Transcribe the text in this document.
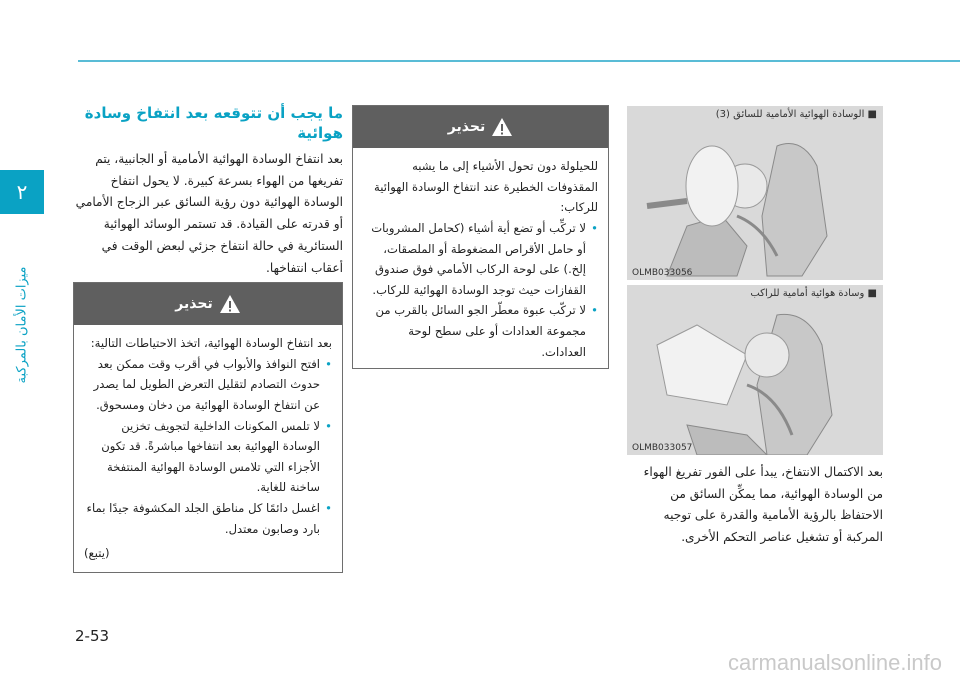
٢
ميزات الأمان بالمركبة
ما يجب أن تتوقعه بعد انتفاخ وسادة هوائية
بعد انتفاخ الوسادة الهوائية الأمامية أو الجانبية، يتم تفريغها من الهواء بسرعة كبيرة. لا يحول انتفاخ الوسادة الهوائية دون رؤية السائق عبر الزجاج الأمامي أو قدرته على القيادة. قد تستمر الوسائد الهوائية الستائرية في حالة انتفاخ جزئي لبعض الوقت في أعقاب انتفاخها.
تحذير
بعد انتفاخ الوسادة الهوائية، اتخذ الاحتياطات التالية:
• افتح النوافذ والأبواب في أقرب وقت ممكن بعد حدوث التصادم لتقليل التعرض الطويل لما يصدر عن انتفاخ الوسادة الهوائية من دخان ومسحوق.
• لا تلمس المكونات الداخلية لتجويف تخزين الوسادة الهوائية بعد انتفاخها مباشرةً. قد تكون الأجزاء التي تلامس الوسادة الهوائية المنتفخة ساخنة للغاية.
• اغسل دائمًا كل مناطق الجلد المكشوفة جيدًا بماء بارد وصابون معتدل.
(يتبع)
تحذير
للحيلولة دون تحول الأشياء إلى ما يشبه المقذوفات الخطيرة عند انتفاخ الوسادة الهوائية للركاب:
• لا تركِّب أو تضع أية أشياء (كحامل المشروبات أو حامل الأقراص المضغوطة أو الملصقات، إلخ.) على لوحة الركاب الأمامي فوق صندوق القفازات حيث توجد الوسادة الهوائية للركاب.
• لا تركّب عبوة معطّر الجو السائل بالقرب من مجموعة العدادات أو على سطح لوحة العدادات.
■ الوسادة الهوائية الأمامية للسائق (3)
OLMB033056
■ وسادة هوائية أمامية للراكب
OLMB033057
بعد الاكتمال الانتفاخ، يبدأ على الفور تفريغ الهواء من الوسادة الهوائية، مما يمكِّن السائق من الاحتفاظ بالرؤية الأمامية والقدرة على توجيه المركبة أو تشغيل عناصر التحكم الأخرى.
2-53
carmanualsonline.info
